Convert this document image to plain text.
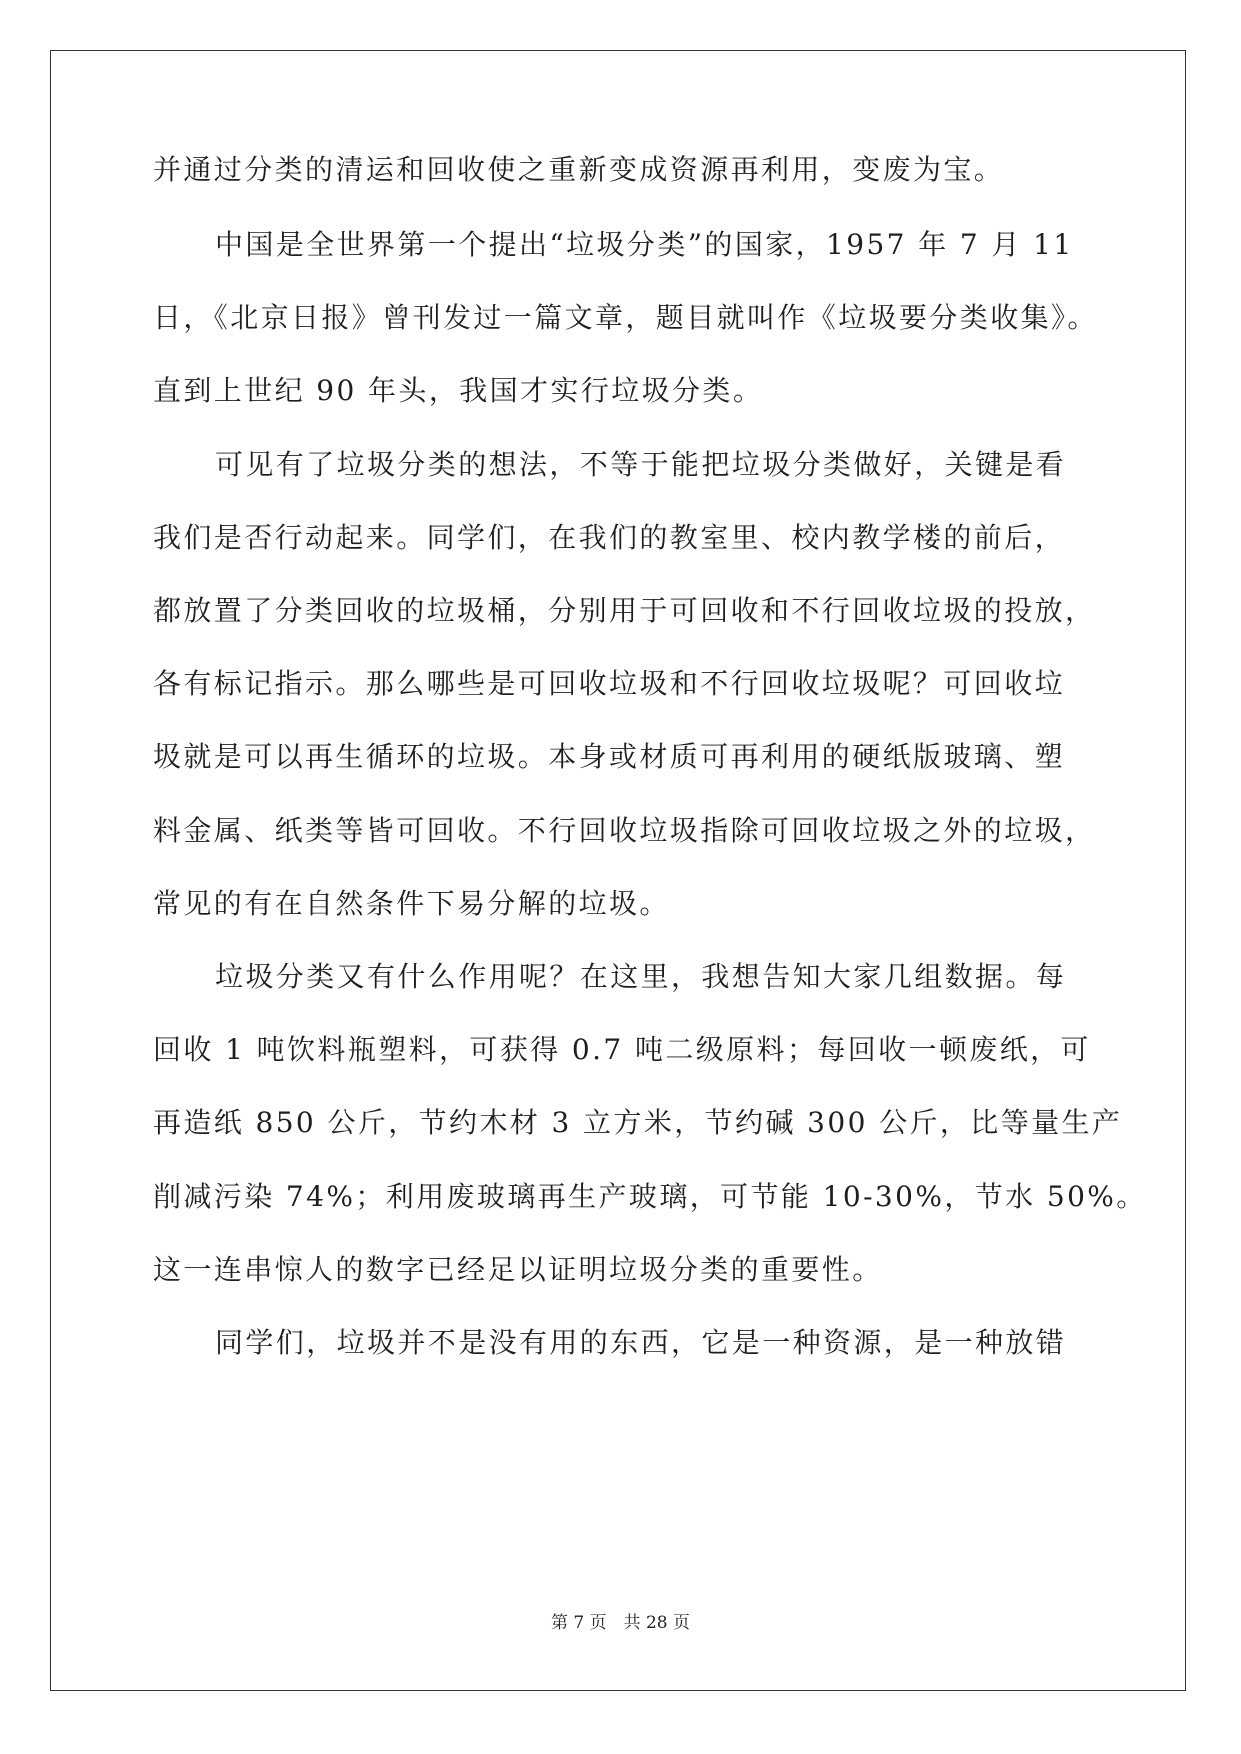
并通过分类的清运和回收使之重新变成资源再利用，变废为宝。
中国是全世界第一个提出“垃圾分类”的国家，1957 年 7 月 11
日，《北京日报》曾刊发过一篇文章，题目就叫作《垃圾要分类收集》。
直到上世纪 90 年头，我国才实行垃圾分类。
可见有了垃圾分类的想法，不等于能把垃圾分类做好，关键是看
我们是否行动起来。同学们，在我们的教室里、校内教学楼的前后，
都放置了分类回收的垃圾桶，分别用于可回收和不行回收垃圾的投放，
各有标记指示。那么哪些是可回收垃圾和不行回收垃圾呢？可回收垃
圾就是可以再生循环的垃圾。本身或材质可再利用的硬纸版玻璃、塑
料金属、纸类等皆可回收。不行回收垃圾指除可回收垃圾之外的垃圾，
常见的有在自然条件下易分解的垃圾。
垃圾分类又有什么作用呢？在这里，我想告知大家几组数据。每
回收 1 吨饮料瓶塑料，可获得 0.7 吨二级原料；每回收一顿废纸，可
再造纸 850 公斤，节约木材 3 立方米，节约碱 300 公斤，比等量生产
削减污染 74%；利用废玻璃再生产玻璃，可节能 10-30%，节水 50%。
这一连串惊人的数字已经足以证明垃圾分类的重要性。
同学们，垃圾并不是没有用的东西，它是一种资源，是一种放错
第 7 页　共 28 页
